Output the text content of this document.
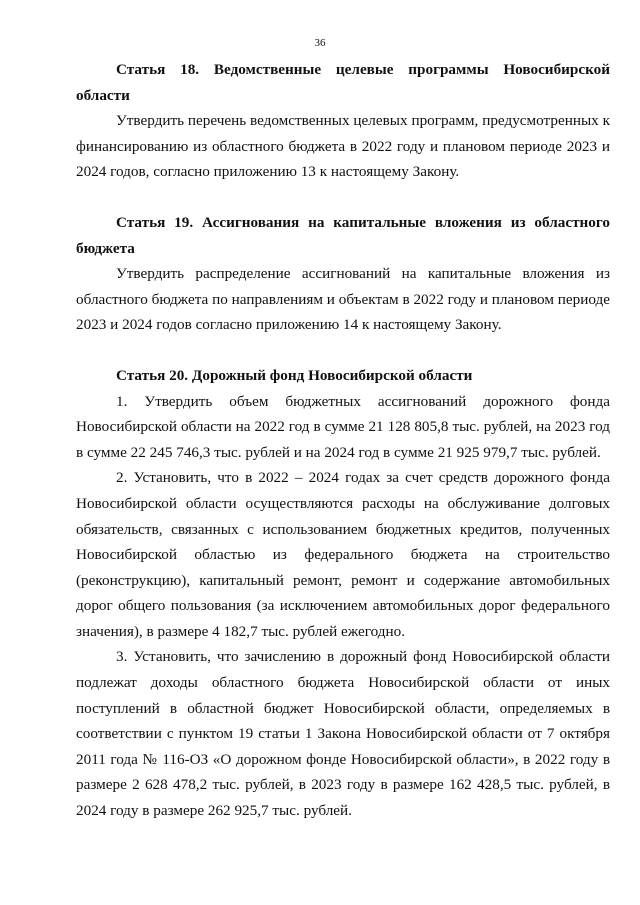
36

Статья 18. Ведомственные целевые программы Новосибирской области

Утвердить перечень ведомственных целевых программ, предусмотренных к финансированию из областного бюджета в 2022 году и плановом периоде 2023 и 2024 годов, согласно приложению 13 к настоящему Закону.

Статья 19. Ассигнования на капитальные вложения из областного бюджета

Утвердить распределение ассигнований на капитальные вложения из областного бюджета по направлениям и объектам в 2022 году и плановом периоде 2023 и 2024 годов согласно приложению 14 к настоящему Закону.

Статья 20. Дорожный фонд Новосибирской области

1. Утвердить объем бюджетных ассигнований дорожного фонда Новосибирской области на 2022 год в сумме 21 128 805,8 тыс. рублей, на 2023 год в сумме 22 245 746,3 тыс. рублей и на 2024 год в сумме 21 925 979,7 тыс. рублей.

2. Установить, что в 2022 – 2024 годах за счет средств дорожного фонда Новосибирской области осуществляются расходы на обслуживание долговых обязательств, связанных с использованием бюджетных кредитов, полученных Новосибирской областью из федерального бюджета на строительство (реконструкцию), капитальный ремонт, ремонт и содержание автомобильных дорог общего пользования (за исключением автомобильных дорог федерального значения), в размере 4 182,7 тыс. рублей ежегодно.

3. Установить, что зачислению в дорожный фонд Новосибирской области подлежат доходы областного бюджета Новосибирской области от иных поступлений в областной бюджет Новосибирской области, определяемых в соответствии с пунктом 19 статьи 1 Закона Новосибирской области от 7 октября 2011 года № 116-ОЗ «О дорожном фонде Новосибирской области», в 2022 году в размере 2 628 478,2 тыс. рублей, в 2023 году в размере 162 428,5 тыс. рублей, в 2024 году в размере 262 925,7 тыс. рублей.
